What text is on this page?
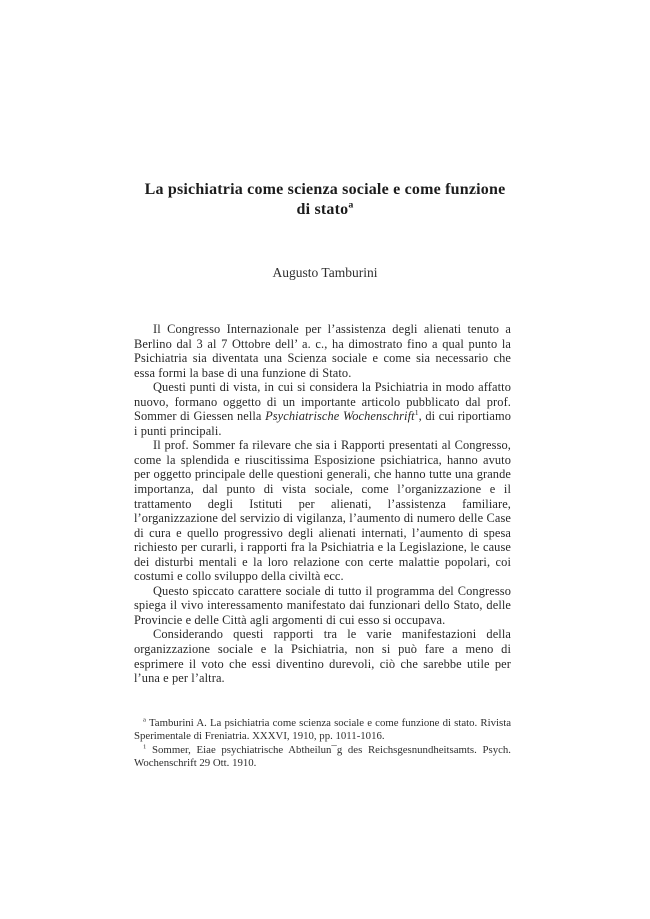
La psichiatria come scienza sociale e come funzione
di stato$^a$
Augusto Tamburini

Il Congresso Internazionale per l’assistenza degli alienati tenuto a Berlino dal 3 al 7 Ottobre dell’ a. c., ha dimostrato fino a qual punto la Psichiatria sia diventata una Scienza sociale e come sia necessario che essa formi la base di una funzione di Stato.

Questi punti di vista, in cui si considera la Psichiatria in modo affatto nuovo, formano oggetto di un importante articolo pubblicato dal prof. Sommer di Giessen nella Psychiatrische Wochenschrift$^1$, di cui riportiamo i punti principali.

Il prof. Sommer fa rilevare che sia i Rapporti presentati al Congresso, come la splendida e riuscitissima Esposizione psichiatrica, hanno avuto per oggetto principale delle questioni generali, che hanno tutte una grande importanza, dal punto di vista sociale, come l’organizzazione e il trattamento degli Istituti per alienati, l’assistenza familiare, l’organizzazione del servizio di vigilanza, l’aumento di numero delle Case di cura e quello progressivo degli alienati internati, l’aumento di spesa richiesto per curarli, i rapporti fra la Psichiatria e la Legislazione, le cause dei disturbi mentali e la loro relazione con certe malattie popolari, coi costumi e collo sviluppo della civiltà ecc.

Questo spiccato carattere sociale di tutto il programma del Congresso spiega il vivo interessamento manifestato dai funzionari dello Stato, delle Provincie e delle Città agli argomenti di cui esso si occupava.

Considerando questi rapporti tra le varie manifestazioni della organizzazione sociale e la Psichiatria, non si può fare a meno di esprimere il voto che essi diventino durevoli, ciò che sarebbe utile per l’una e per l’altra.

$^a$ Tamburini A. La psichiatria come scienza sociale e come funzione di stato. Rivista Sperimentale di Freniatria. XXXVI, 1910, pp. 1011-1016.

$^1$ Sommer, Eiae psychiatrische Abtheilun¯g des Reichsgesnundheitsamts. Psych. Wochenschrift 29 Ott. 1910.
